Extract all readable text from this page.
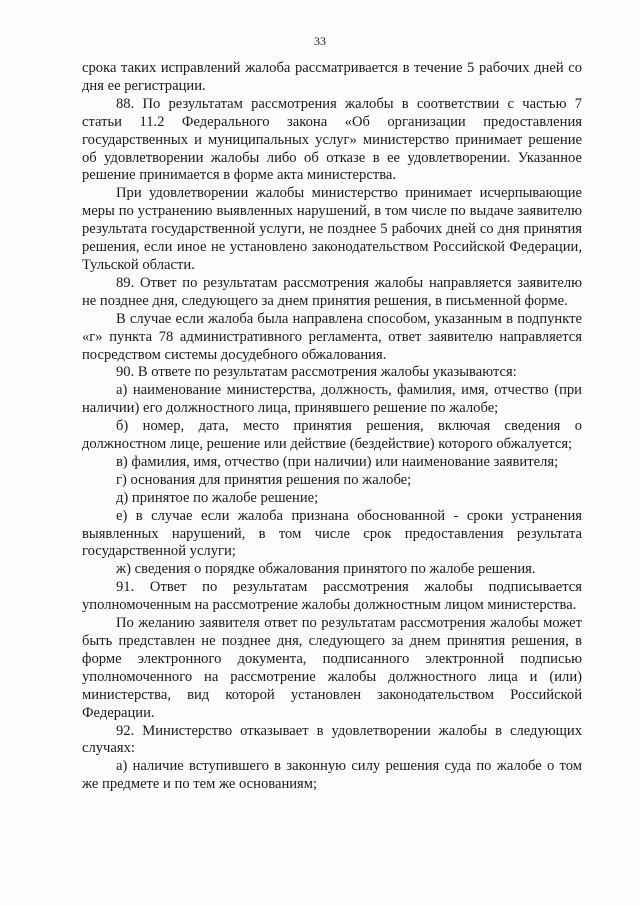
33

срока таких исправлений жалоба рассматривается в течение 5 рабочих дней со дня ее регистрации.

88. По результатам рассмотрения жалобы в соответствии с частью 7 статьи 11.2 Федерального закона «Об организации предоставления государственных и муниципальных услуг» министерство принимает решение об удовлетворении жалобы либо об отказе в ее удовлетворении. Указанное решение принимается в форме акта министерства.

При удовлетворении жалобы министерство принимает исчерпывающие меры по устранению выявленных нарушений, в том числе по выдаче заявителю результата государственной услуги, не позднее 5 рабочих дней со дня принятия решения, если иное не установлено законодательством Российской Федерации, Тульской области.

89. Ответ по результатам рассмотрения жалобы направляется заявителю не позднее дня, следующего за днем принятия решения, в письменной форме.

В случае если жалоба была направлена способом, указанным в подпункте «г» пункта 78 административного регламента, ответ заявителю направляется посредством системы досудебного обжалования.

90. В ответе по результатам рассмотрения жалобы указываются:

а) наименование министерства, должность, фамилия, имя, отчество (при наличии) его должностного лица, принявшего решение по жалобе;

б) номер, дата, место принятия решения, включая сведения о должностном лице, решение или действие (бездействие) которого обжалуется;

в) фамилия, имя, отчество (при наличии) или наименование заявителя;

г) основания для принятия решения по жалобе;

д) принятое по жалобе решение;

е) в случае если жалоба признана обоснованной - сроки устранения выявленных нарушений, в том числе срок предоставления результата государственной услуги;

ж) сведения о порядке обжалования принятого по жалобе решения.

91. Ответ по результатам рассмотрения жалобы подписывается уполномоченным на рассмотрение жалобы должностным лицом министерства.

По желанию заявителя ответ по результатам рассмотрения жалобы может быть представлен не позднее дня, следующего за днем принятия решения, в форме электронного документа, подписанного электронной подписью уполномоченного на рассмотрение жалобы должностного лица и (или) министерства, вид которой установлен законодательством Российской Федерации.

92. Министерство отказывает в удовлетворении жалобы в следующих случаях:

а) наличие вступившего в законную силу решения суда по жалобе о том же предмете и по тем же основаниям;
